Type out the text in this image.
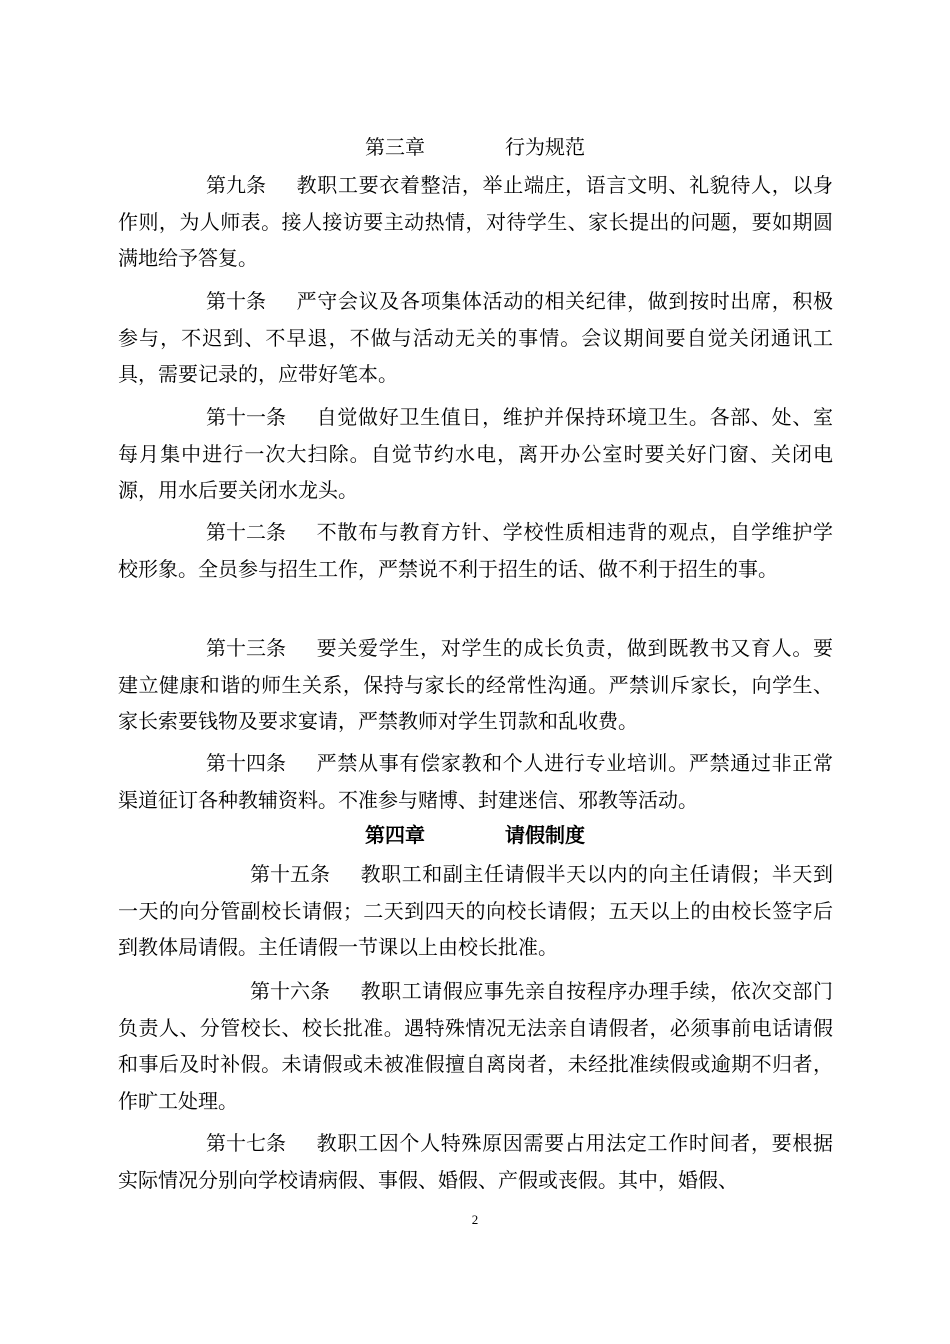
第三章　　　　行为规范

第九条 教职工要衣着整洁，举止端庄，语言文明、礼貌待人，以身作则，为人师表。接人接访要主动热情，对待学生、家长提出的问题，要如期圆满地给予答复。

第十条 严守会议及各项集体活动的相关纪律，做到按时出席，积极参与，不迟到、不早退，不做与活动无关的事情。会议期间要自觉关闭通讯工具，需要记录的，应带好笔本。

第十一条 自觉做好卫生值日，维护并保持环境卫生。各部、处、室每月集中进行一次大扫除。自觉节约水电，离开办公室时要关好门窗、关闭电源，用水后要关闭水龙头。

第十二条 不散布与教育方针、学校性质相违背的观点，自学维护学校形象。全员参与招生工作，严禁说不利于招生的话、做不利于招生的事。

第十三条 要关爱学生，对学生的成长负责，做到既教书又育人。要建立健康和谐的师生关系，保持与家长的经常性沟通。严禁训斥家长，向学生、家长索要钱物及要求宴请，严禁教师对学生罚款和乱收费。

第十四条 严禁从事有偿家教和个人进行专业培训。严禁通过非正常渠道征订各种教辅资料。不准参与赌博、封建迷信、邪教等活动。

第四章　　　　请假制度

第十五条 教职工和副主任请假半天以内的向主任请假；半天到一天的向分管副校长请假；二天到四天的向校长请假；五天以上的由校长签字后到教体局请假。主任请假一节课以上由校长批准。

第十六条 教职工请假应事先亲自按程序办理手续，依次交部门负责人、分管校长、校长批准。遇特殊情况无法亲自请假者，必须事前电话请假和事后及时补假。未请假或未被准假擅自离岗者，未经批准续假或逾期不归者，作旷工处理。

第十七条 教职工因个人特殊原因需要占用法定工作时间者，要根据实际情况分别向学校请病假、事假、婚假、产假或丧假。其中，婚假、

2
